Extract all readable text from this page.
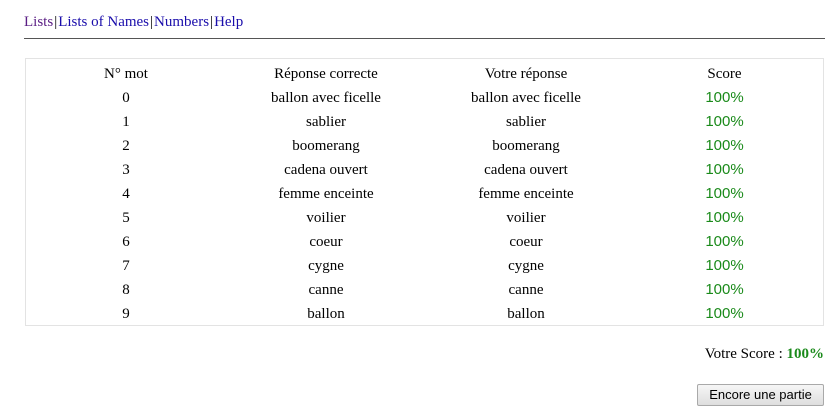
Lists|Lists of Names|Numbers|Help
N° mot	Réponse correcte	Votre réponse	Score
0	ballon avec ficelle	ballon avec ficelle	100%
1	sablier	sablier	100%
2	boomerang	boomerang	100%
3	cadena ouvert	cadena ouvert	100%
4	femme enceinte	femme enceinte	100%
5	voilier	voilier	100%
6	coeur	coeur	100%
7	cygne	cygne	100%
8	canne	canne	100%
9	ballon	ballon	100%
Votre Score : 100%
Encore une partie
